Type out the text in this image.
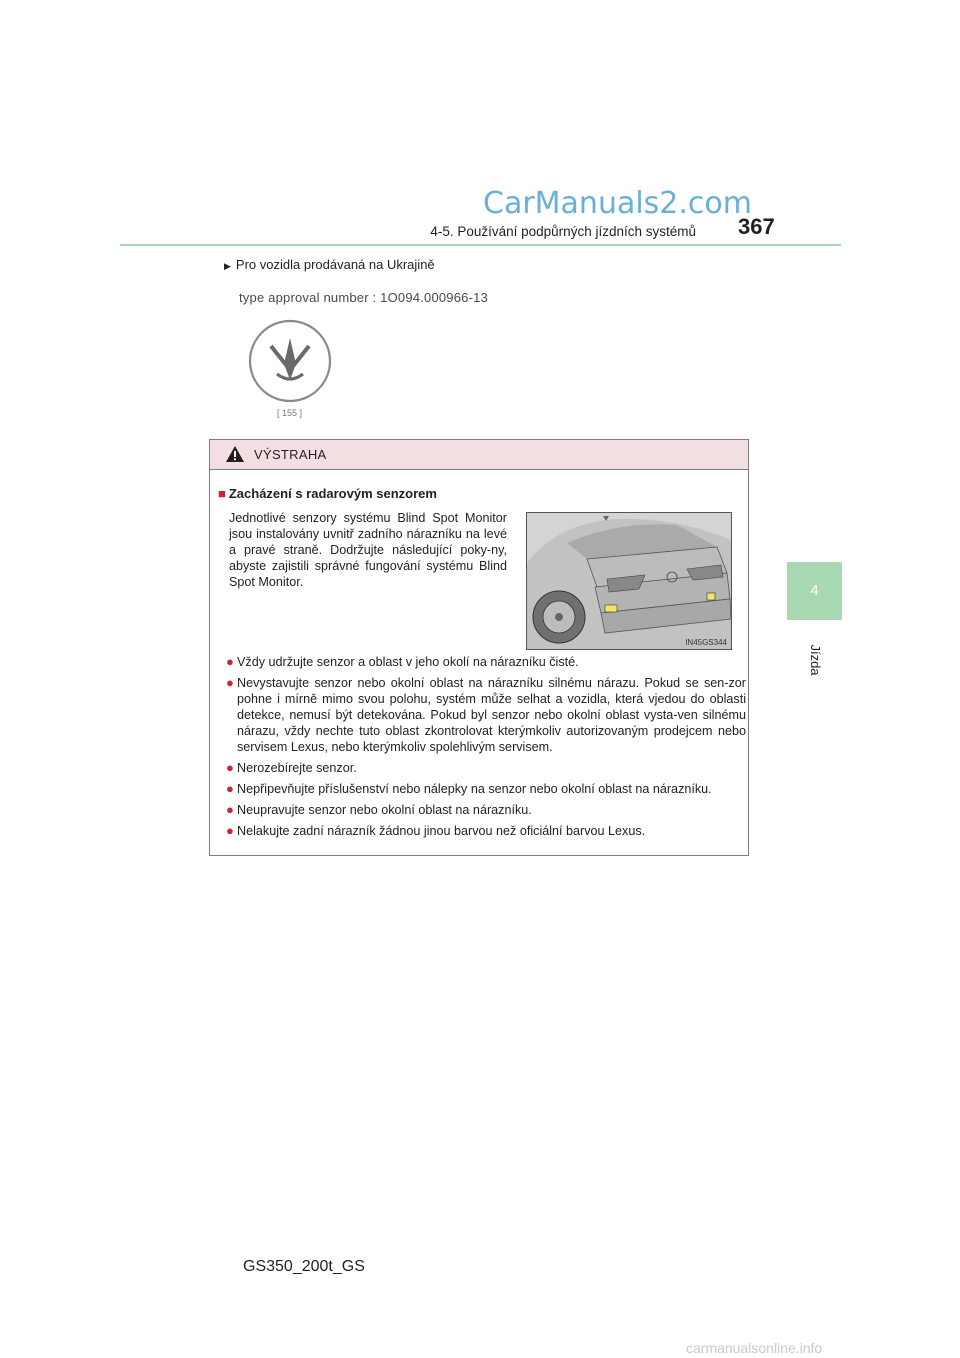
CarManuals2.com
4-5. Používání podpůrných jízdních systémů 367
4
Jízda
▶ Pro vozidla prodávaná na Ukrajině
type approval number : 1O094.000966-13
[ 155 ]
VÝSTRAHA
■ Zacházení s radarovým senzorem
Jednotlivé senzory systému Blind Spot Monitor jsou instalovány uvnitř zadního nárazníku na levé a pravé straně. Dodržujte následující poky-ny, abyste zajistili správné fungování systému Blind Spot Monitor.
IN45GS344
● Vždy udržujte senzor a oblast v jeho okolí na nárazníku čisté.
● Nevystavujte senzor nebo okolní oblast na nárazníku silnému nárazu. Pokud se sen-zor pohne i mírně mimo svou polohu, systém může selhat a vozidla, která vjedou do oblasti detekce, nemusí být detekována. Pokud byl senzor nebo okolní oblast vysta-ven silnému nárazu, vždy nechte tuto oblast zkontrolovat kterýmkoliv autorizovaným prodejcem nebo servisem Lexus, nebo kterýmkoliv spolehlivým servisem.
● Nerozebírejte senzor.
● Nepřipevňujte příslušenství nebo nálepky na senzor nebo okolní oblast na nárazníku.
● Neupravujte senzor nebo okolní oblast na nárazníku.
● Nelakujte zadní nárazník žádnou jinou barvou než oficiální barvou Lexus.
GS350_200t_GS
carmanualsonline.info
